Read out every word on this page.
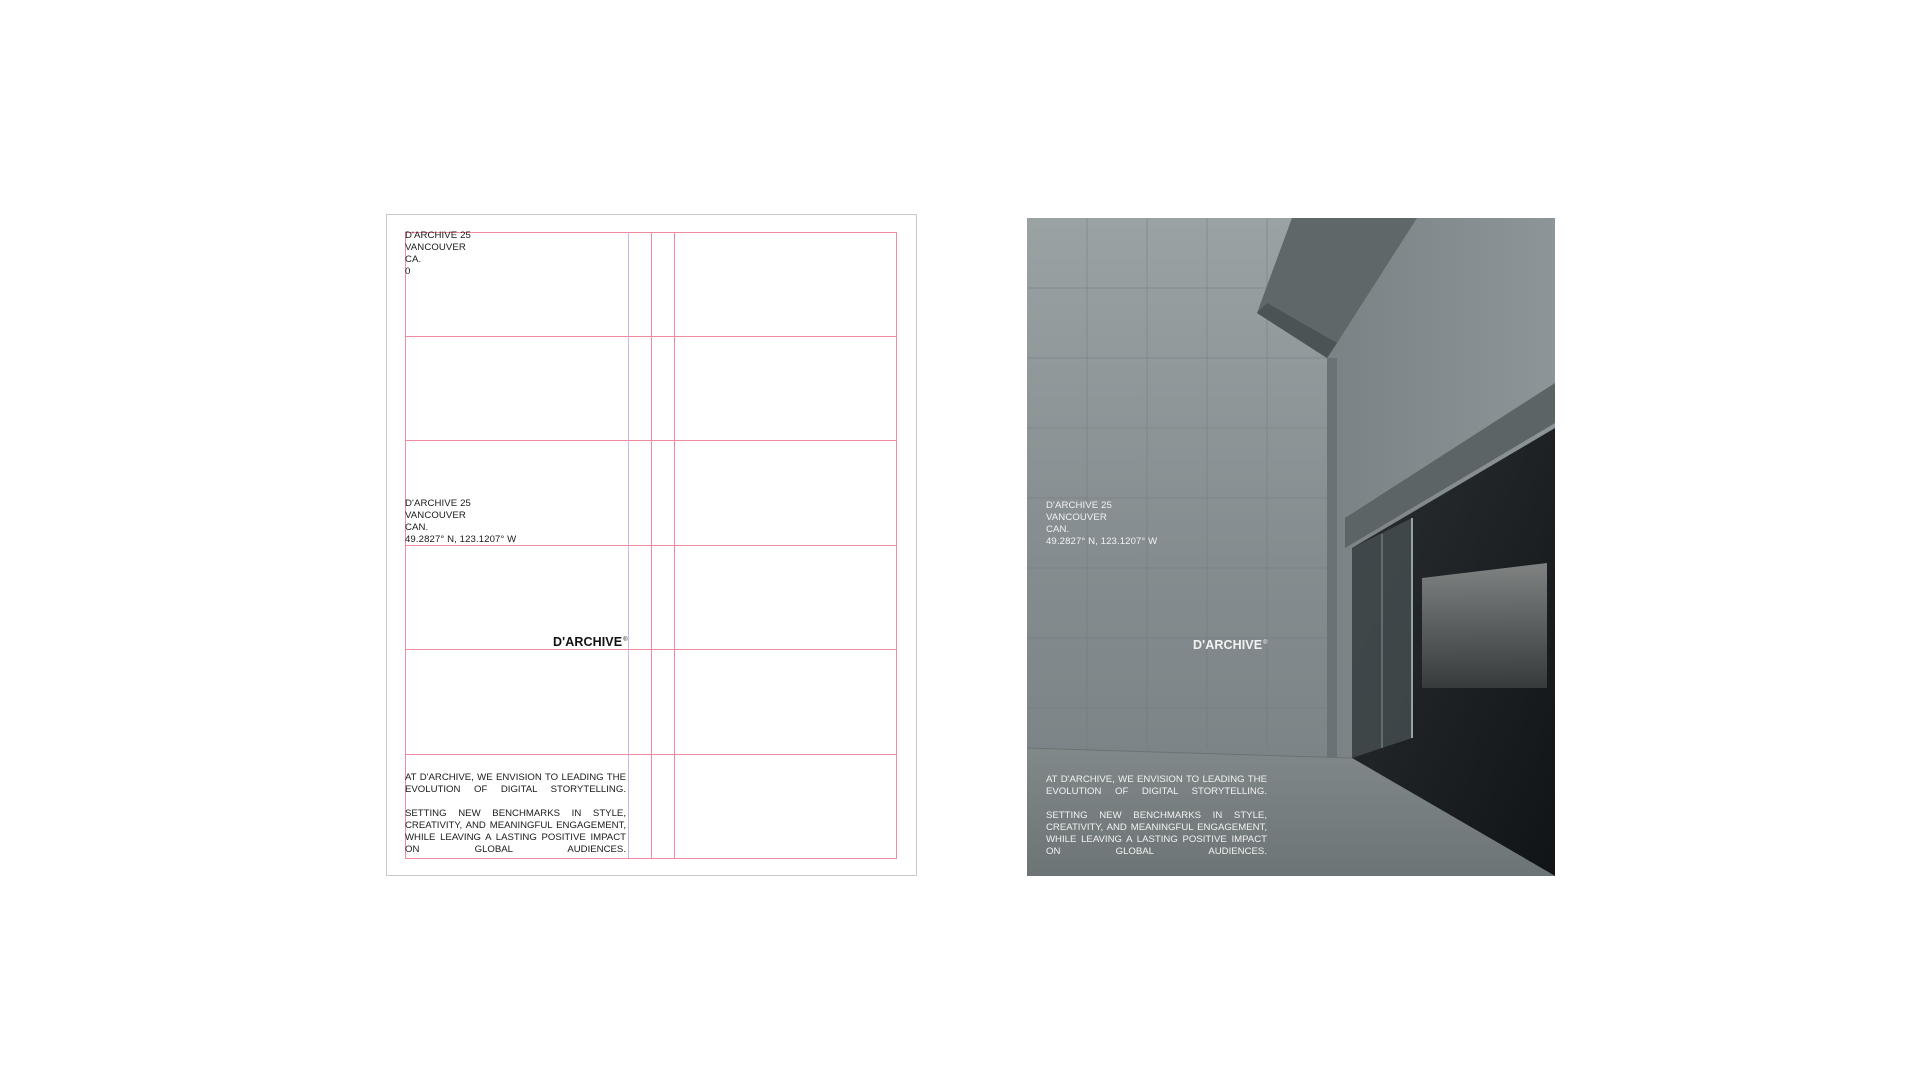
D'ARCHIVE 25
VANCOUVER
CA.
0
D'ARCHIVE 25
VANCOUVER
CAN.
49.2827° N, 123.1207° W
D'ARCHIVE®

AT D'ARCHIVE, WE ENVISION TO LEADING THE EVOLUTION OF DIGITAL STORYTELLING.

SETTING NEW BENCHMARKS IN STYLE, CREATIVITY, AND MEANINGFUL ENGAGEMENT, WHILE LEAVING A LASTING POSITIVE IMPACT ON GLOBAL AUDIENCES.

D'ARCHIVE 25
VANCOUVER
CAN.
49.2827° N, 123.1207° W
D'ARCHIVE®

AT D'ARCHIVE, WE ENVISION TO LEADING THE EVOLUTION OF DIGITAL STORYTELLING.

SETTING NEW BENCHMARKS IN STYLE, CREATIVITY, AND MEANINGFUL ENGAGEMENT, WHILE LEAVING A LASTING POSITIVE IMPACT ON GLOBAL AUDIENCES.
